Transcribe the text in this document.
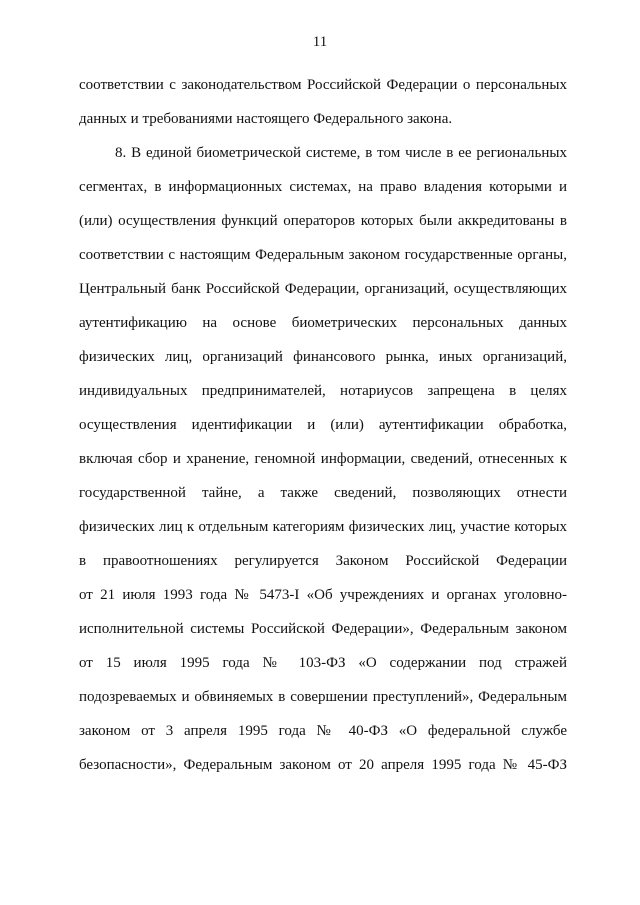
11
соответствии с законодательством Российской Федерации о персональных
данных и требованиями настоящего Федерального закона.
8. В единой биометрической системе, в том числе в ее региональных
сегментах, в информационных системах, на право владения которыми и
(или) осуществления функций операторов которых были аккредитованы в
соответствии с настоящим Федеральным законом государственные органы,
Центральный банк Российской Федерации, организаций, осуществляющих
аутентификацию на основе биометрических персональных данных
физических лиц, организаций финансового рынка, иных организаций,
индивидуальных предпринимателей, нотариусов запрещена в целях
осуществления идентификации и (или) аутентификации обработка,
включая сбор и хранение, геномной информации, сведений, отнесенных к
государственной тайне, а также сведений, позволяющих отнести
физических лиц к отдельным категориям физических лиц, участие которых
в правоотношениях регулируется Законом Российской Федерации
от 21 июля 1993 года № 5473-I «Об учреждениях и органах уголовно-
исполнительной системы Российской Федерации», Федеральным законом
от 15 июля 1995 года № 103-ФЗ «О содержании под стражей
подозреваемых и обвиняемых в совершении преступлений», Федеральным
законом от 3 апреля 1995 года № 40-ФЗ «О федеральной службе
безопасности», Федеральным законом от 20 апреля 1995 года № 45-ФЗ
